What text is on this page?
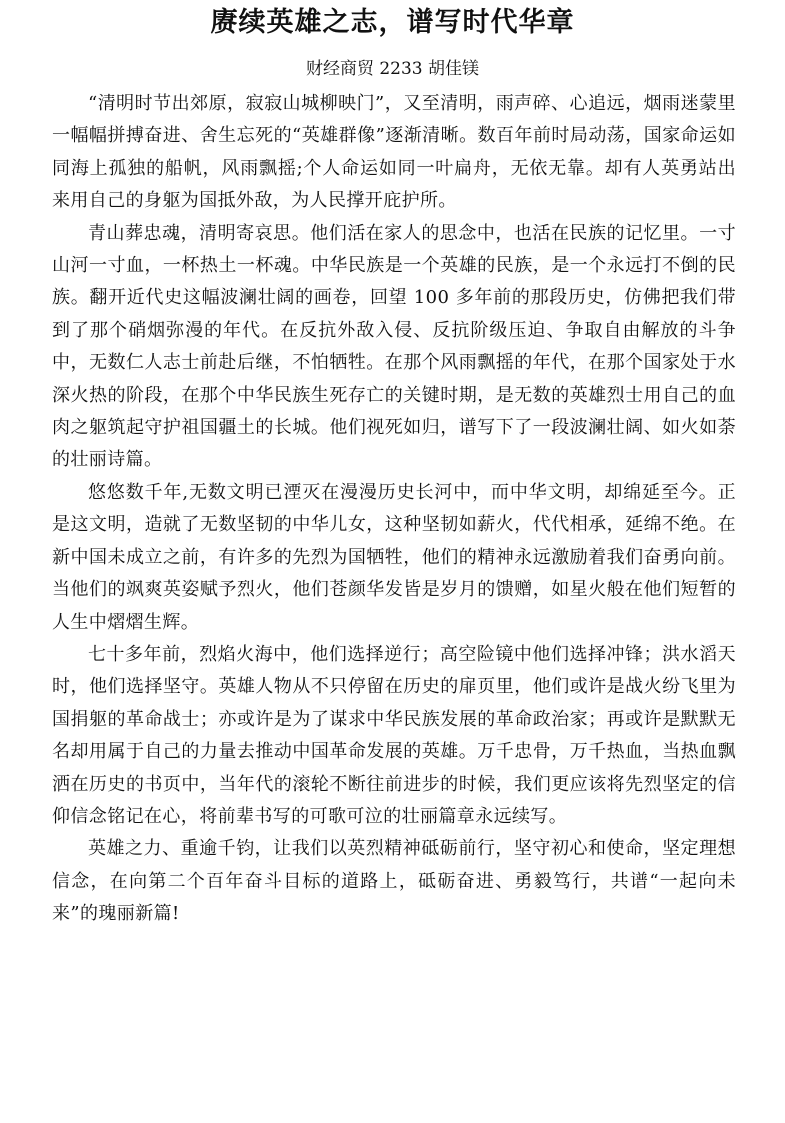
赓续英雄之志，谱写时代华章

财经商贸 2233 胡佳镁

“清明时节出郊原，寂寂山城柳映门”，又至清明，雨声碎、心追远，烟雨迷蒙里一幅幅拼搏奋进、舍生忘死的“英雄群像”逐渐清晰。数百年前时局动荡，国家命运如同海上孤独的船帆，风雨飘摇;个人命运如同一叶扁舟，无依无靠。却有人英勇站出来用自己的身躯为国抵外敌，为人民撑开庇护所。

青山葬忠魂，清明寄哀思。他们活在家人的思念中，也活在民族的记忆里。一寸山河一寸血，一杯热土一杯魂。中华民族是一个英雄的民族，是一个永远打不倒的民族。翻开近代史这幅波澜壮阔的画卷，回望 100 多年前的那段历史，仿佛把我们带到了那个硝烟弥漫的年代。在反抗外敌入侵、反抗阶级压迫、争取自由解放的斗争中，无数仁人志士前赴后继，不怕牺牲。在那个风雨飘摇的年代，在那个国家处于水深火热的阶段，在那个中华民族生死存亡的关键时期，是无数的英雄烈士用自己的血肉之躯筑起守护祖国疆土的长城。他们视死如归，谱写下了一段波澜壮阔、如火如荼的壮丽诗篇。

悠悠数千年,无数文明已湮灭在漫漫历史长河中，而中华文明，却绵延至今。正是这文明，造就了无数坚韧的中华儿女，这种坚韧如薪火，代代相承，延绵不绝。在新中国未成立之前，有许多的先烈为国牺牲，他们的精神永远激励着我们奋勇向前。当他们的飒爽英姿赋予烈火，他们苍颜华发皆是岁月的馈赠，如星火般在他们短暂的人生中熠熠生辉。

七十多年前，烈焰火海中，他们选择逆行；高空险镜中他们选择冲锋；洪水滔天时，他们选择坚守。英雄人物从不只停留在历史的扉页里，他们或许是战火纷飞里为国捐躯的革命战士；亦或许是为了谋求中华民族发展的革命政治家；再或许是默默无名却用属于自己的力量去推动中国革命发展的英雄。万千忠骨，万千热血，当热血飘洒在历史的书页中，当年代的滚轮不断往前进步的时候，我们更应该将先烈坚定的信仰信念铭记在心，将前辈书写的可歌可泣的壮丽篇章永远续写。

英雄之力、重逾千钧，让我们以英烈精神砥砺前行，坚守初心和使命，坚定理想信念，在向第二个百年奋斗目标的道路上，砥砺奋进、勇毅笃行，共谱“一起向未来”的瑰丽新篇!
